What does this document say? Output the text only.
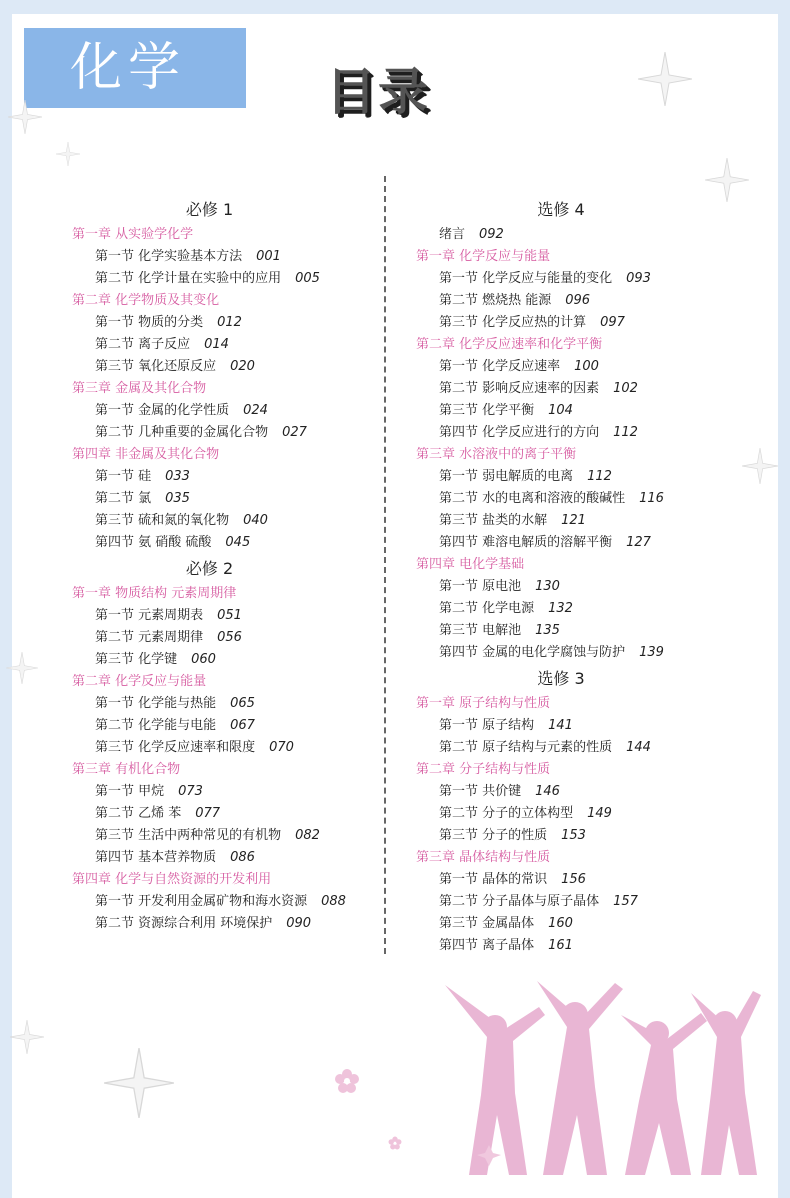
化学	目录
必修 1
第一章 从实验学化学
第一节 化学实验基本方法 001
第二节 化学计量在实验中的应用 005
第二章 化学物质及其变化
第一节 物质的分类 012
第二节 离子反应 014
第三节 氧化还原反应 020
第三章 金属及其化合物
第一节 金属的化学性质 024
第二节 几种重要的金属化合物 027
第四章 非金属及其化合物
第一节 硅 033
第二节 氯 035
第三节 硫和氮的氧化物 040
第四节 氨 硝酸 硫酸 045
必修 2
第一章 物质结构 元素周期律
第一节 元素周期表 051
第二节 元素周期律 056
第三节 化学键 060
第二章 化学反应与能量
第一节 化学能与热能 065
第二节 化学能与电能 067
第三节 化学反应速率和限度 070
第三章 有机化合物
第一节 甲烷 073
第二节 乙烯 苯 077
第三节 生活中两种常见的有机物 082
第四节 基本营养物质 086
第四章 化学与自然资源的开发利用
第一节 开发利用金属矿物和海水资源 088
第二节 资源综合利用 环境保护 090
选修 4
绪言 092
第一章 化学反应与能量
第一节 化学反应与能量的变化 093
第二节 燃烧热 能源 096
第三节 化学反应热的计算 097
第二章 化学反应速率和化学平衡
第一节 化学反应速率 100
第二节 影响反应速率的因素 102
第三节 化学平衡 104
第四节 化学反应进行的方向 112
第三章 水溶液中的离子平衡
第一节 弱电解质的电离 112
第二节 水的电离和溶液的酸碱性 116
第三节 盐类的水解 121
第四节 难溶电解质的溶解平衡 127
第四章 电化学基础
第一节 原电池 130
第二节 化学电源 132
第三节 电解池 135
第四节 金属的电化学腐蚀与防护 139
选修 3
第一章 原子结构与性质
第一节 原子结构 141
第二节 原子结构与元素的性质 144
第二章 分子结构与性质
第一节 共价键 146
第二节 分子的立体构型 149
第三节 分子的性质 153
第三章 晶体结构与性质
第一节 晶体的常识 156
第二节 分子晶体与原子晶体 157
第三节 金属晶体 160
第四节 离子晶体 161
